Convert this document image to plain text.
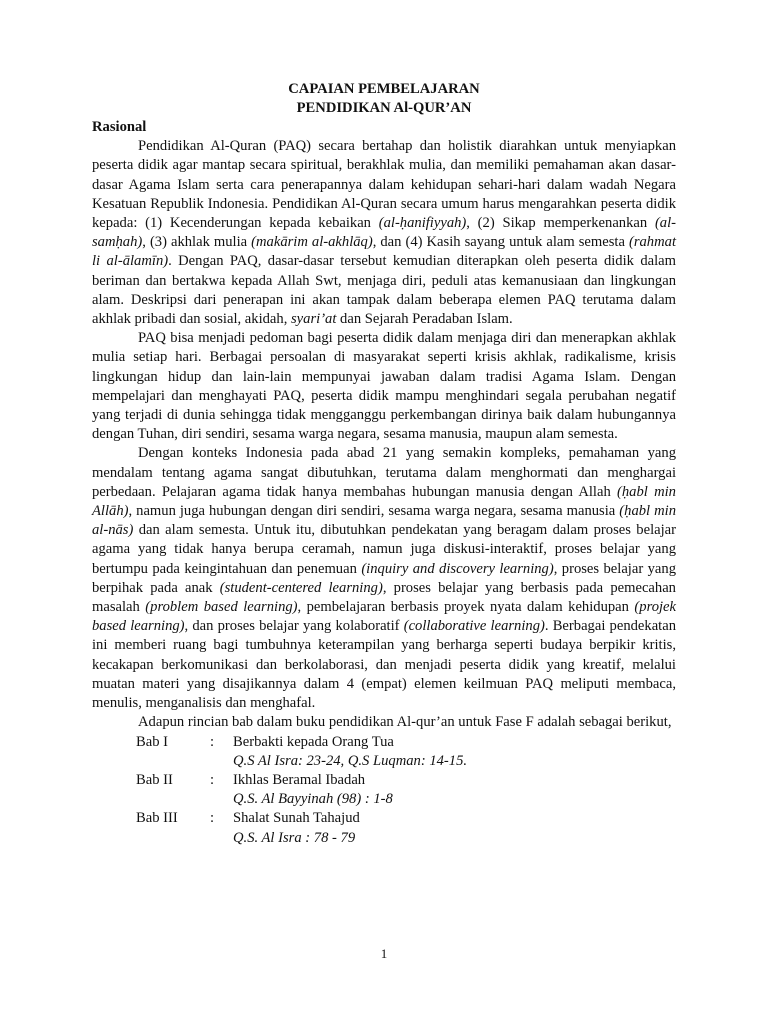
CAPAIAN PEMBELAJARAN

PENDIDIKAN Al-QUR’AN

Rasional

Pendidikan Al-Quran (PAQ) secara bertahap dan holistik diarahkan untuk menyiapkan peserta didik agar mantap secara spiritual, berakhlak mulia, dan memiliki pemahaman akan dasar-dasar Agama Islam serta cara penerapannya dalam kehidupan sehari-hari dalam wadah Negara Kesatuan Republik Indonesia. Pendidikan Al-Quran secara umum harus mengarahkan peserta didik kepada: (1) Kecenderungan kepada kebaikan (al-ḥanifiyyah), (2) Sikap memperkenankan (al-samḥah), (3) akhlak mulia (makārim al-akhlāq), dan (4) Kasih sayang untuk alam semesta (rahmat li al-ālamīn). Dengan PAQ, dasar-dasar tersebut kemudian diterapkan oleh peserta didik dalam beriman dan bertakwa kepada Allah Swt, menjaga diri, peduli atas kemanusiaan dan lingkungan alam. Deskripsi dari penerapan ini akan tampak dalam beberapa elemen PAQ terutama dalam akhlak pribadi dan sosial, akidah, syari’at dan Sejarah Peradaban Islam.

PAQ bisa menjadi pedoman bagi peserta didik dalam menjaga diri dan menerapkan akhlak mulia setiap hari. Berbagai persoalan di masyarakat seperti krisis akhlak, radikalisme, krisis lingkungan hidup dan lain-lain mempunyai jawaban dalam tradisi Agama Islam. Dengan mempelajari dan menghayati PAQ, peserta didik mampu menghindari segala perubahan negatif yang terjadi di dunia sehingga tidak mengganggu perkembangan dirinya baik dalam hubungannya dengan Tuhan, diri sendiri, sesama warga negara, sesama manusia, maupun alam semesta.

Dengan konteks Indonesia pada abad 21 yang semakin kompleks, pemahaman yang mendalam tentang agama sangat dibutuhkan, terutama dalam menghormati dan menghargai perbedaan. Pelajaran agama tidak hanya membahas hubungan manusia dengan Allah (ḥabl min Allāh), namun juga hubungan dengan diri sendiri, sesama warga negara, sesama manusia (ḥabl min al-nās) dan alam semesta. Untuk itu, dibutuhkan pendekatan yang beragam dalam proses belajar agama yang tidak hanya berupa ceramah, namun juga diskusi-interaktif, proses belajar yang bertumpu pada keingintahuan dan penemuan (inquiry and discovery learning), proses belajar yang berpihak pada anak (student-centered learning), proses belajar yang berbasis pada pemecahan masalah (problem based learning), pembelajaran berbasis proyek nyata dalam kehidupan (projek based learning), dan proses belajar yang kolaboratif (collaborative learning). Berbagai pendekatan ini memberi ruang bagi tumbuhnya keterampilan yang berharga seperti budaya berpikir kritis, kecakapan berkomunikasi dan berkolaborasi, dan menjadi peserta didik yang kreatif, melalui muatan materi yang disajikannya dalam 4 (empat) elemen keilmuan PAQ meliputi membaca, menulis, menganalisis dan menghafal.

Adapun rincian bab dalam buku pendidikan Al-qur’an untuk Fase F adalah sebagai berikut,

Bab I	:	Berbakti kepada Orang Tua
Q.S Al Isra: 23-24, Q.S Luqman: 14-15.
Bab II	:	Ikhlas Beramal Ibadah
Q.S. Al Bayyinah (98) : 1-8
Bab III	:	Shalat Sunah Tahajud
Q.S. Al Isra : 78 - 79
1
